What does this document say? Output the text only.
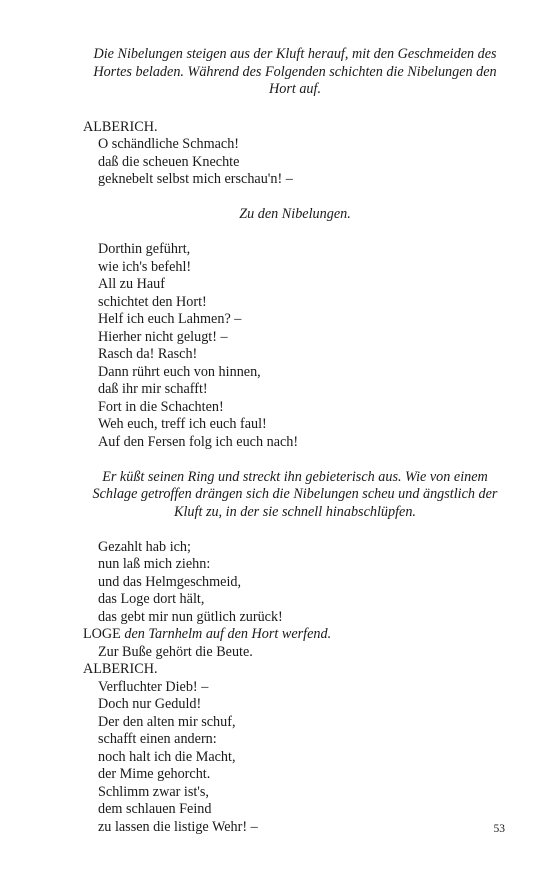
Die Nibelungen steigen aus der Kluft herauf, mit den Geschmeiden des Hortes beladen. Während des Folgenden schichten die Nibelungen den Hort auf.

ALBERICH.

O schändliche Schmach!

daß die scheuen Knechte

geknebelt selbst mich erschau'n! –

Zu den Nibelungen.

Dorthin geführt,

wie ich's befehl!

All zu Hauf

schichtet den Hort!

Helf ich euch Lahmen? –

Hierher nicht gelugt! –

Rasch da! Rasch!

Dann rührt euch von hinnen,

daß ihr mir schafft!

Fort in die Schachten!

Weh euch, treff ich euch faul!

Auf den Fersen folg ich euch nach!

Er küßt seinen Ring und streckt ihn gebieterisch aus. Wie von einem Schlage getroffen drängen sich die Nibelungen scheu und ängstlich der Kluft zu, in der sie schnell hinabschlüpfen.

Gezahlt hab ich;

nun laß mich ziehn:

und das Helmgeschmeid,

das Loge dort hält,

das gebt mir nun gütlich zurück!

LOGE den Tarnhelm auf den Hort werfend.

Zur Buße gehört die Beute.

ALBERICH.

Verfluchter Dieb! –

Doch nur Geduld!

Der den alten mir schuf,

schafft einen andern:

noch halt ich die Macht,

der Mime gehorcht.

Schlimm zwar ist's,

dem schlauen Feind

zu lassen die listige Wehr! –	53
